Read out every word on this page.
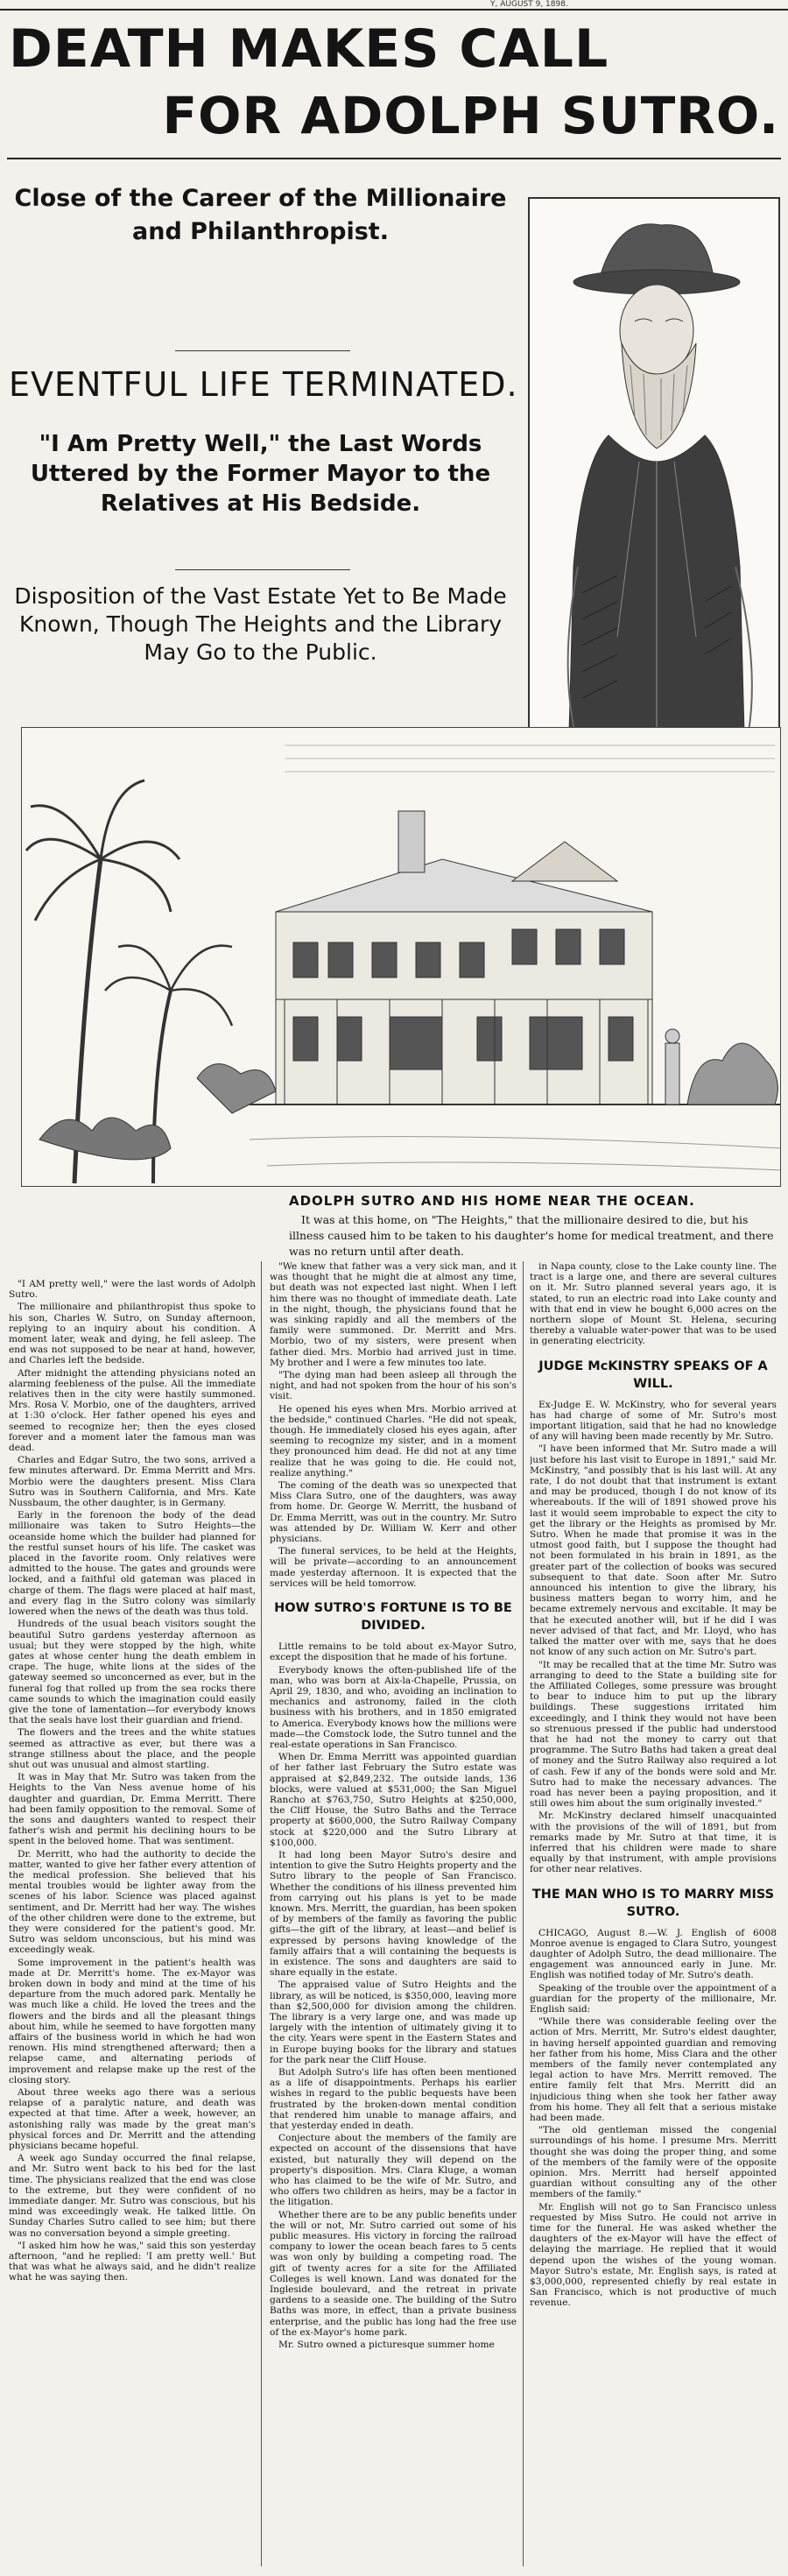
Y, AUGUST 9, 1898.
DEATH MAKES CALL
FOR ADOLPH SUTRO.
Close of the Career of the Millionaire and Philanthropist.
EVENTFUL LIFE TERMINATED.
"I Am Pretty Well," the Last Words Uttered by the Former Mayor to the Relatives at His Bedside.
Disposition of the Vast Estate Yet to Be Made Known, Though The Heights and the Library May Go to the Public.
ADOLPH SUTRO AND HIS HOME NEAR THE OCEAN.
It was at this home, on "The Heights," that the millionaire desired to die, but his illness caused him to be taken to his daughter's home for medical treatment, and there was no return until after death.

"I AM pretty well," were the last words of Adolph Sutro.

The millionaire and philanthropist thus spoke to his son, Charles W. Sutro, on Sunday afternoon, replying to an inquiry about his condition. A moment later, weak and dying, he fell asleep. The end was not supposed to be near at hand, however, and Charles left the bedside.

After midnight the attending physicians noted an alarming feebleness of the pulse. All the immediate relatives then in the city were hastily summoned. Mrs. Rosa V. Morbio, one of the daughters, arrived at 1:30 o'clock. Her father opened his eyes and seemed to recognize her; then the eyes closed forever and a moment later the famous man was dead.

Charles and Edgar Sutro, the two sons, arrived a few minutes afterward. Dr. Emma Merritt and Mrs. Morbio were the daughters present. Miss Clara Sutro was in Southern California, and Mrs. Kate Nussbaum, the other daughter, is in Germany.

Early in the forenoon the body of the dead millionaire was taken to Sutro Heights—the oceanside home which the builder had planned for the restful sunset hours of his life. The casket was placed in the favorite room. Only relatives were admitted to the house. The gates and grounds were locked, and a faithful old gateman was placed in charge of them. The flags were placed at half mast, and every flag in the Sutro colony was similarly lowered when the news of the death was thus told.

Hundreds of the usual beach visitors sought the beautiful Sutro gardens yesterday afternoon as usual; but they were stopped by the high, white gates at whose center hung the death emblem in crape. The huge, white lions at the sides of the gateway seemed so unconcerned as ever, but in the funeral fog that rolled up from the sea rocks there came sounds to which the imagination could easily give the tone of lamentation—for everybody knows that the seals have lost their guardian and friend.

The flowers and the trees and the white statues seemed as attractive as ever, but there was a strange stillness about the place, and the people shut out was unusual and almost startling.

It was in May that Mr. Sutro was taken from the Heights to the Van Ness avenue home of his daughter and guardian, Dr. Emma Merritt. There had been family opposition to the removal. Some of the sons and daughters wanted to respect their father's wish and permit his declining hours to be spent in the beloved home. That was sentiment.

Dr. Merritt, who had the authority to decide the matter, wanted to give her father every attention of the medical profession. She believed that his mental troubles would be lighter away from the scenes of his labor. Science was placed against sentiment, and Dr. Merritt had her way. The wishes of the other children were done to the extreme, but they were considered for the patient's good. Mr. Sutro was seldom unconscious, but his mind was exceedingly weak.

Some improvement in the patient's health was made at Dr. Merritt's home. The ex-Mayor was broken down in body and mind at the time of his departure from the much adored park. Mentally he was much like a child. He loved the trees and the flowers and the birds and all the pleasant things about him, while he seemed to have forgotten many affairs of the business world in which he had won renown. His mind strengthened afterward; then a relapse came, and alternating periods of improvement and relapse make up the rest of the closing story.

About three weeks ago there was a serious relapse of a paralytic nature, and death was expected at that time. After a week, however, an astonishing rally was made by the great man's physical forces and Dr. Merritt and the attending physicians became hopeful.

A week ago Sunday occurred the final relapse, and Mr. Sutro went back to his bed for the last time. The physicians realized that the end was close to the extreme, but they were confident of no immediate danger. Mr. Sutro was conscious, but his mind was exceedingly weak. He talked little. On Sunday Charles Sutro called to see him; but there was no conversation beyond a simple greeting.

"I asked him how he was," said this son yesterday afternoon, "and he replied: 'I am pretty well.' But that was what he always said, and he didn't realize what he was saying then.

"We knew that father was a very sick man, and it was thought that he might die at almost any time, but death was not expected last night. When I left him there was no thought of immediate death. Late in the night, though, the physicians found that he was sinking rapidly and all the members of the family were summoned. Dr. Merritt and Mrs. Morbio, two of my sisters, were present when father died. Mrs. Morbio had arrived just in time. My brother and I were a few minutes too late.

"The dying man had been asleep all through the night, and had not spoken from the hour of his son's visit.

He opened his eyes when Mrs. Morbio arrived at the bedside," continued Charles. "He did not speak, though. He immediately closed his eyes again, after seeming to recognize my sister, and in a moment they pronounced him dead. He did not at any time realize that he was going to die. He could not, realize anything."

The coming of the death was so unexpected that Miss Clara Sutro, one of the daughters, was away from home. Dr. George W. Merritt, the husband of Dr. Emma Merritt, was out in the country. Mr. Sutro was attended by Dr. William W. Kerr and other physicians.

The funeral services, to be held at the Heights, will be private—according to an announcement made yesterday afternoon. It is expected that the services will be held tomorrow.

HOW SUTRO'S FORTUNE IS TO BE DIVIDED.

Little remains to be told about ex-Mayor Sutro, except the disposition that he made of his fortune.

Everybody knows the often-published life of the man, who was born at Aix-la-Chapelle, Prussia, on April 29, 1830, and who, avoiding an inclination to mechanics and astronomy, failed in the cloth business with his brothers, and in 1850 emigrated to America. Everybody knows how the millions were made—the Comstock lode, the Sutro tunnel and the real-estate operations in San Francisco.

When Dr. Emma Merritt was appointed guardian of her father last February the Sutro estate was appraised at $2,849,232. The outside lands, 136 blocks, were valued at $531,000; the San Miguel Rancho at $763,750, Sutro Heights at $250,000, the Cliff House, the Sutro Baths and the Terrace property at $600,000, the Sutro Railway Company stock at $220,000 and the Sutro Library at $100,000.

It had long been Mayor Sutro's desire and intention to give the Sutro Heights property and the Sutro library to the people of San Francisco. Whether the conditions of his illness prevented him from carrying out his plans is yet to be made known. Mrs. Merritt, the guardian, has been spoken of by members of the family as favoring the public gifts—the gift of the library, at least—and belief is expressed by persons having knowledge of the family affairs that a will containing the bequests is in existence. The sons and daughters are said to share equally in the estate.

The appraised value of Sutro Heights and the library, as will be noticed, is $350,000, leaving more than $2,500,000 for division among the children. The library is a very large one, and was made up largely with the intention of ultimately giving it to the city. Years were spent in the Eastern States and in Europe buying books for the library and statues for the park near the Cliff House.

But Adolph Sutro's life has often been mentioned as a life of disappointments. Perhaps his earlier wishes in regard to the public bequests have been frustrated by the broken-down mental condition that rendered him unable to manage affairs, and that yesterday ended in death.

Conjecture about the members of the family are expected on account of the dissensions that have existed, but naturally they will depend on the property's disposition. Mrs. Clara Kluge, a woman who has claimed to be the wife of Mr. Sutro, and who offers two children as heirs, may be a factor in the litigation.

Whether there are to be any public benefits under the will or not, Mr. Sutro carried out some of his public measures. His victory in forcing the railroad company to lower the ocean beach fares to 5 cents was won only by building a competing road. The gift of twenty acres for a site for the Affiliated Colleges is well known. Land was donated for the Ingleside boulevard, and the retreat in private gardens to a seaside one. The building of the Sutro Baths was more, in effect, than a private business enterprise, and the public has long had the free use of the ex-Mayor's home park.

Mr. Sutro owned a picturesque summer home

in Napa county, close to the Lake county line. The tract is a large one, and there are several cultures on it. Mr. Sutro planned several years ago, it is stated, to run an electric road into Lake county and with that end in view he bought 6,000 acres on the northern slope of Mount St. Helena, securing thereby a valuable water-power that was to be used in generating electricity.

JUDGE McKINSTRY SPEAKS OF A WILL.

Ex-Judge E. W. McKinstry, who for several years has had charge of some of Mr. Sutro's most important litigation, said that he had no knowledge of any will having been made recently by Mr. Sutro.

"I have been informed that Mr. Sutro made a will just before his last visit to Europe in 1891," said Mr. McKinstry, "and possibly that is his last will. At any rate, I do not doubt that that instrument is extant and may be produced, though I do not know of its whereabouts. If the will of 1891 showed prove his last it would seem improbable to expect the city to get the library or the Heights as promised by Mr. Sutro. When he made that promise it was in the utmost good faith, but I suppose the thought had not been formulated in his brain in 1891, as the greater part of the collection of books was secured subsequent to that date. Soon after Mr. Sutro announced his intention to give the library, his business matters began to worry him, and he became extremely nervous and excitable. It may be that he executed another will, but if he did I was never advised of that fact, and Mr. Lloyd, who has talked the matter over with me, says that he does not know of any such action on Mr. Sutro's part.

"It may be recalled that at the time Mr. Sutro was arranging to deed to the State a building site for the Affiliated Colleges, some pressure was brought to bear to induce him to put up the library buildings. These suggestions irritated him exceedingly, and I think they would not have been so strenuous pressed if the public had understood that he had not the money to carry out that programme. The Sutro Baths had taken a great deal of money and the Sutro Railway also required a lot of cash. Few if any of the bonds were sold and Mr. Sutro had to make the necessary advances. The road has never been a paying proposition, and it still owes him about the sum originally invested."

Mr. McKinstry declared himself unacquainted with the provisions of the will of 1891, but from remarks made by Mr. Sutro at that time, it is inferred that his children were made to share equally by that instrument, with ample provisions for other near relatives.

THE MAN WHO IS TO MARRY MISS SUTRO.

CHICAGO, August 8.—W. J. English of 6008 Monroe avenue is engaged to Clara Sutro, youngest daughter of Adolph Sutro, the dead millionaire. The engagement was announced early in June. Mr. English was notified today of Mr. Sutro's death.

Speaking of the trouble over the appointment of a guardian for the property of the millionaire, Mr. English said:

"While there was considerable feeling over the action of Mrs. Merritt, Mr. Sutro's eldest daughter, in having herself appointed guardian and removing her father from his home, Miss Clara and the other members of the family never contemplated any legal action to have Mrs. Merritt removed. The entire family felt that Mrs. Merritt did an injudicious thing when she took her father away from his home. They all felt that a serious mistake had been made.

"The old gentleman missed the congenial surroundings of his home. I presume Mrs. Merritt thought she was doing the proper thing, and some of the members of the family were of the opposite opinion. Mrs. Merritt had herself appointed guardian without consulting any of the other members of the family."

Mr. English will not go to San Francisco unless requested by Miss Sutro. He could not arrive in time for the funeral. He was asked whether the daughters of the ex-Mayor will have the effect of delaying the marriage. He replied that it would depend upon the wishes of the young woman. Mayor Sutro's estate, Mr. English says, is rated at $3,000,000, represented chiefly by real estate in San Francisco, which is not productive of much revenue.
